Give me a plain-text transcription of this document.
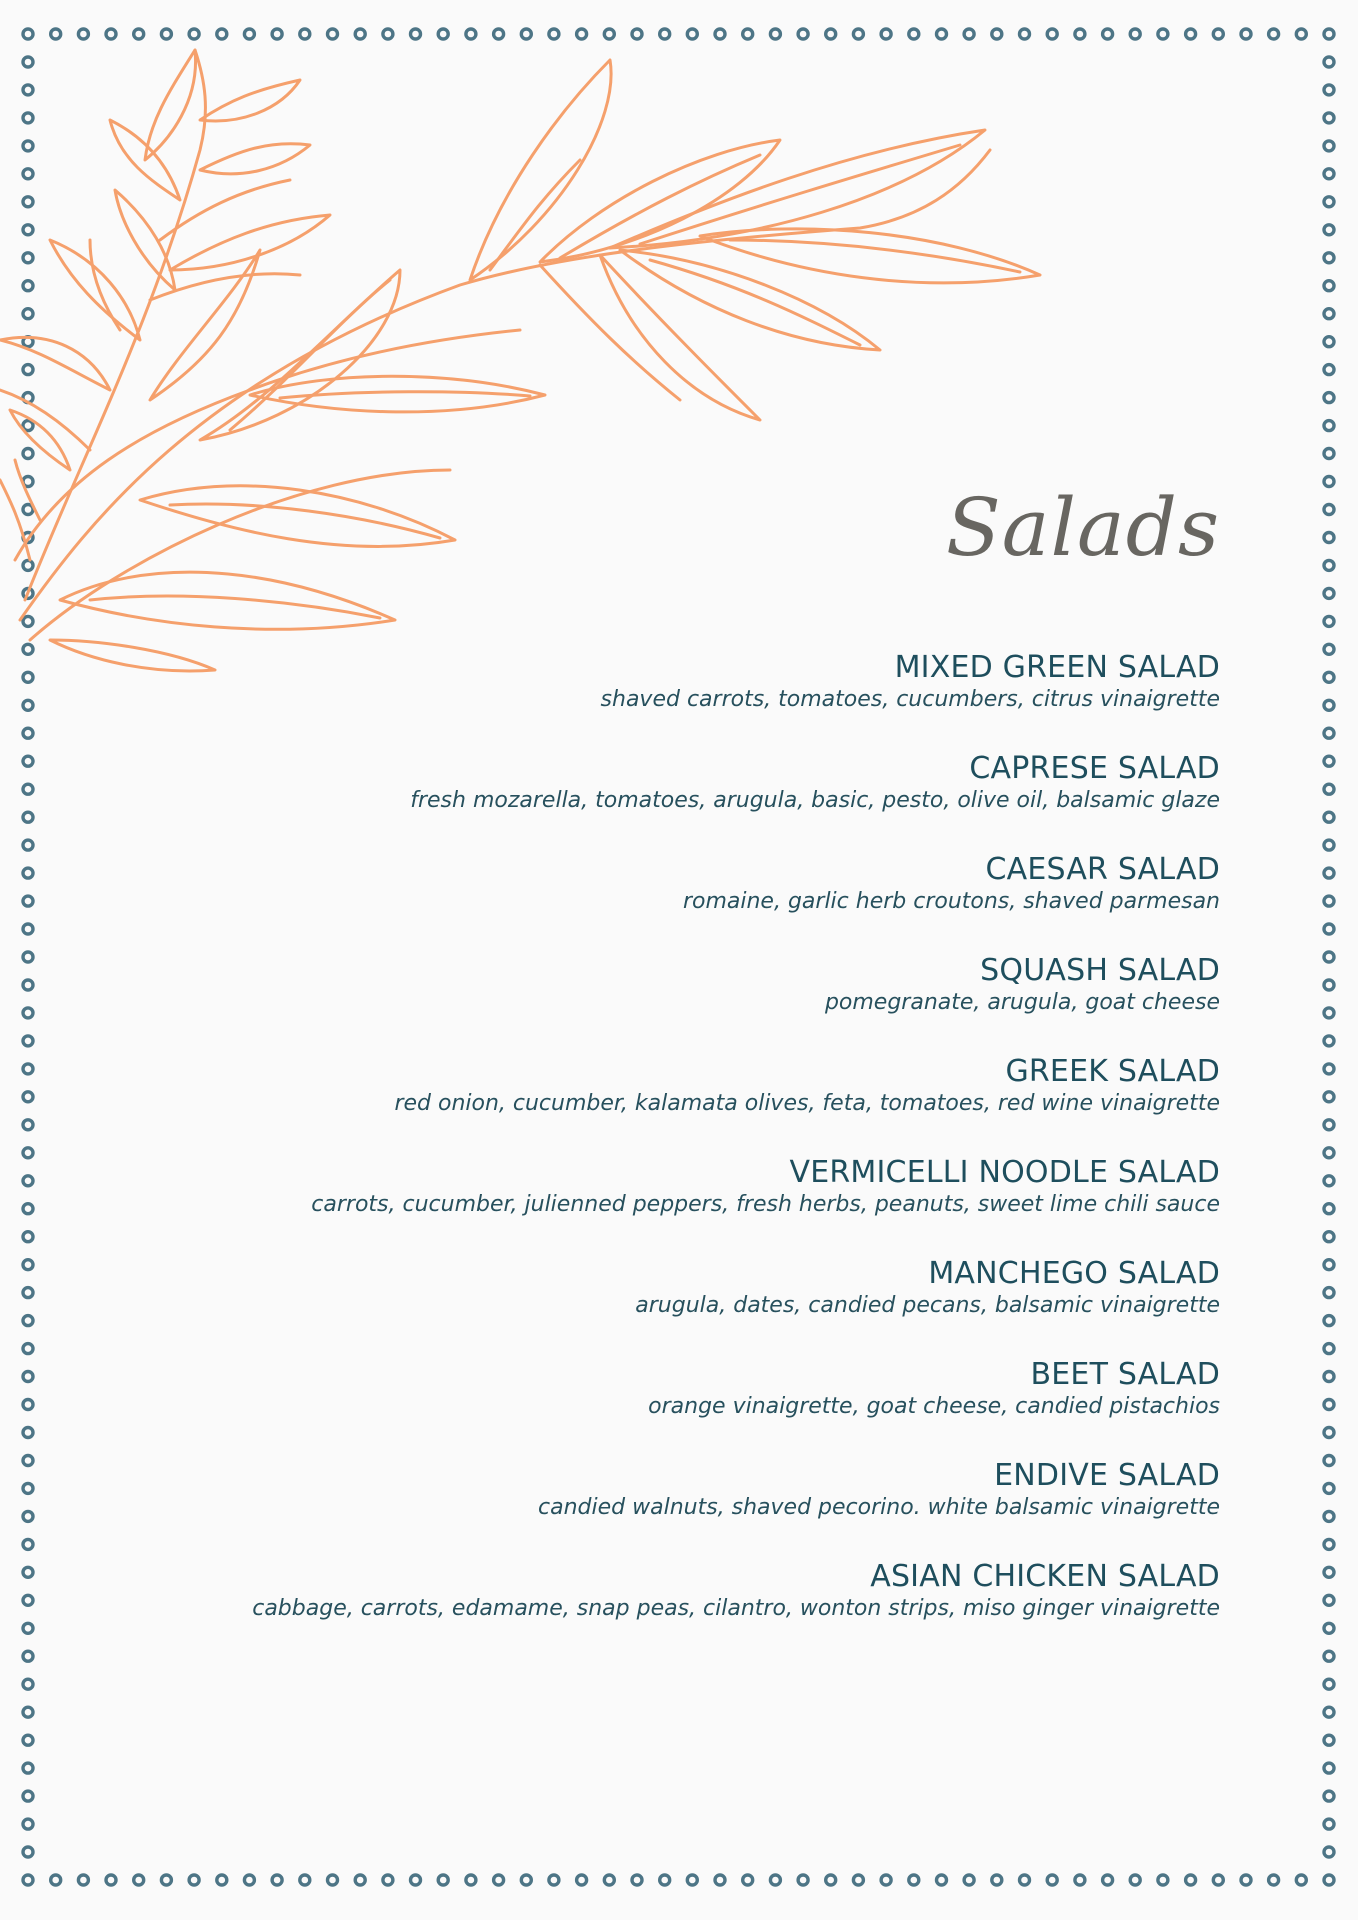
Salads
MIXED GREEN SALAD
shaved carrots, tomatoes, cucumbers, citrus vinaigrette
CAPRESE SALAD
fresh mozarella, tomatoes, arugula, basic, pesto, olive oil, balsamic glaze
CAESAR SALAD
romaine, garlic herb croutons, shaved parmesan
SQUASH SALAD
pomegranate, arugula, goat cheese
GREEK SALAD
red onion, cucumber, kalamata olives, feta, tomatoes, red wine vinaigrette
VERMICELLI NOODLE SALAD
carrots, cucumber, julienned peppers, fresh herbs, peanuts, sweet lime chili sauce
MANCHEGO SALAD
arugula, dates, candied pecans, balsamic vinaigrette
BEET SALAD
orange vinaigrette, goat cheese, candied pistachios
ENDIVE SALAD
candied walnuts, shaved pecorino. white balsamic vinaigrette
ASIAN CHICKEN SALAD
cabbage, carrots, edamame, snap peas, cilantro, wonton strips, miso ginger vinaigrette
